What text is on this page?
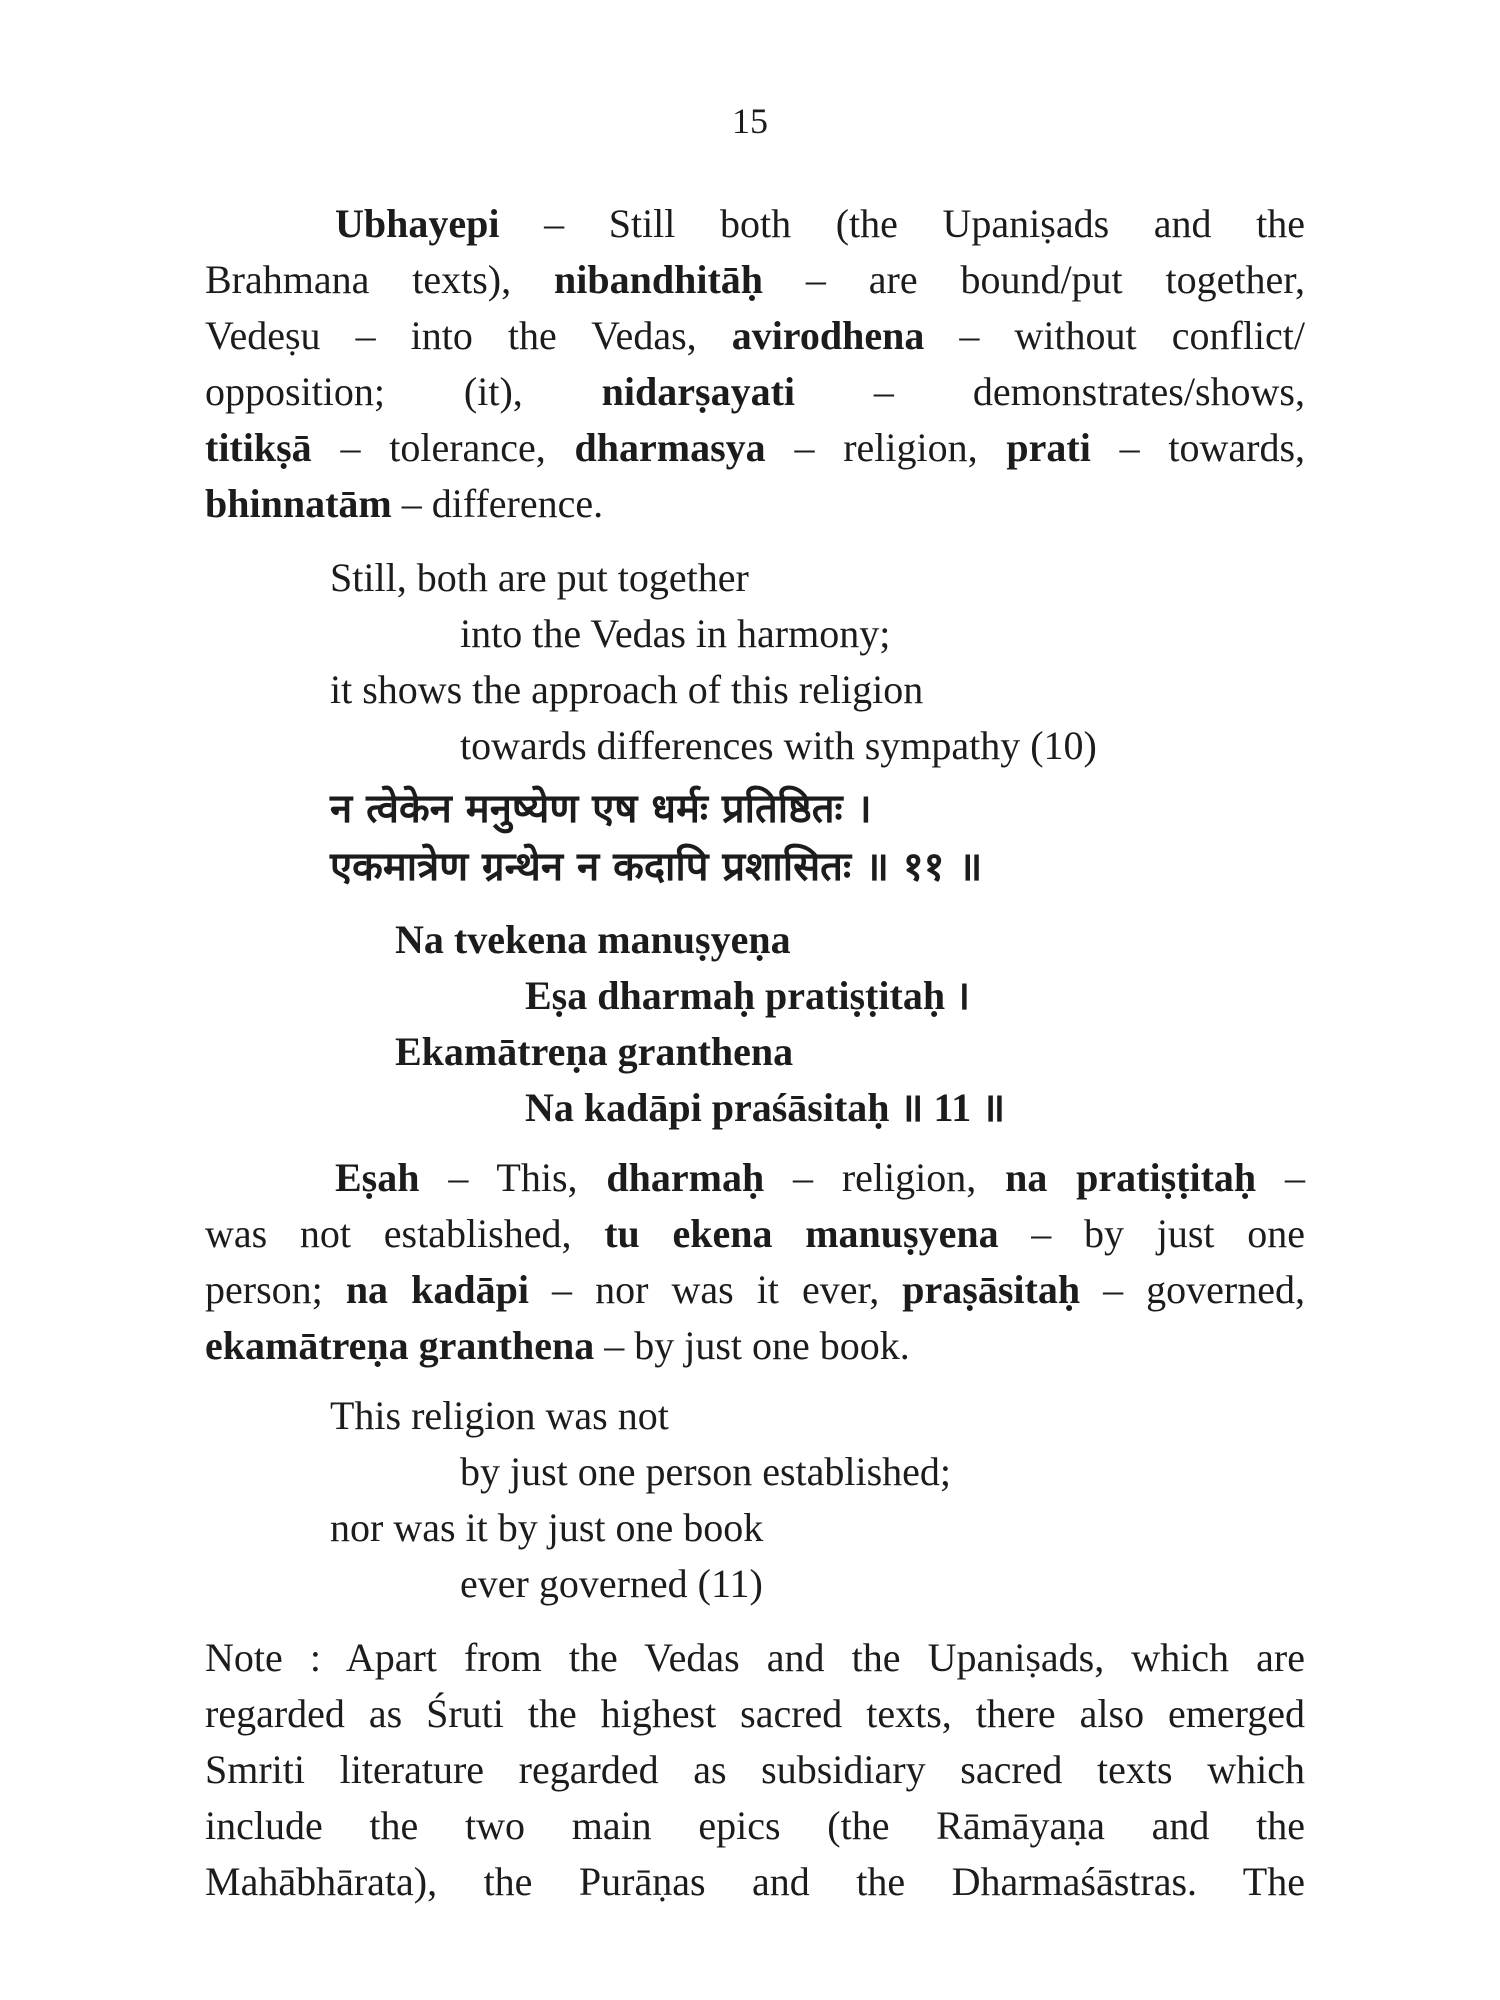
15
Ubhayepi – Still both (the Upaniṣads and the
Brahmana texts), nibandhitāḥ – are bound/put together,
Vedeṣu – into the Vedas, avirodhena – without conflict/
opposition; (it), nidarṣayati – demonstrates/shows,
titikṣā – tolerance, dharmasya – religion, prati – towards,
bhinnatām – difference.
Still, both are put together
into the Vedas in harmony;
it shows the approach of this religion
towards differences with sympathy (10)
न त्वेकेन मनुष्येण एष धर्मः प्रतिष्ठितः ।
एकमात्रेण ग्रन्थेन न कदापि प्रशासितः ॥ ११ ॥
Na tvekena manuṣyeṇa
Eṣa dharmaḥ pratiṣṭitaḥ ।
Ekamātreṇa granthena
Na kadāpi praśāsitaḥ ॥ 11 ॥
Eṣah – This, dharmaḥ – religion, na pratiṣṭitaḥ –
was not established, tu ekena manuṣyena – by just one
person; na kadāpi – nor was it ever, praṣāsitaḥ – governed,
ekamātreṇa granthena – by just one book.
This religion was not
by just one person established;
nor was it by just one book
ever governed (11)
Note : Apart from the Vedas and the Upaniṣads, which are
regarded as Śruti the highest sacred texts, there also emerged
Smriti literature regarded as subsidiary sacred texts which
include the two main epics (the Rāmāyaṇa and the
Mahābhārata), the Purāṇas and the Dharmaśāstras. The
